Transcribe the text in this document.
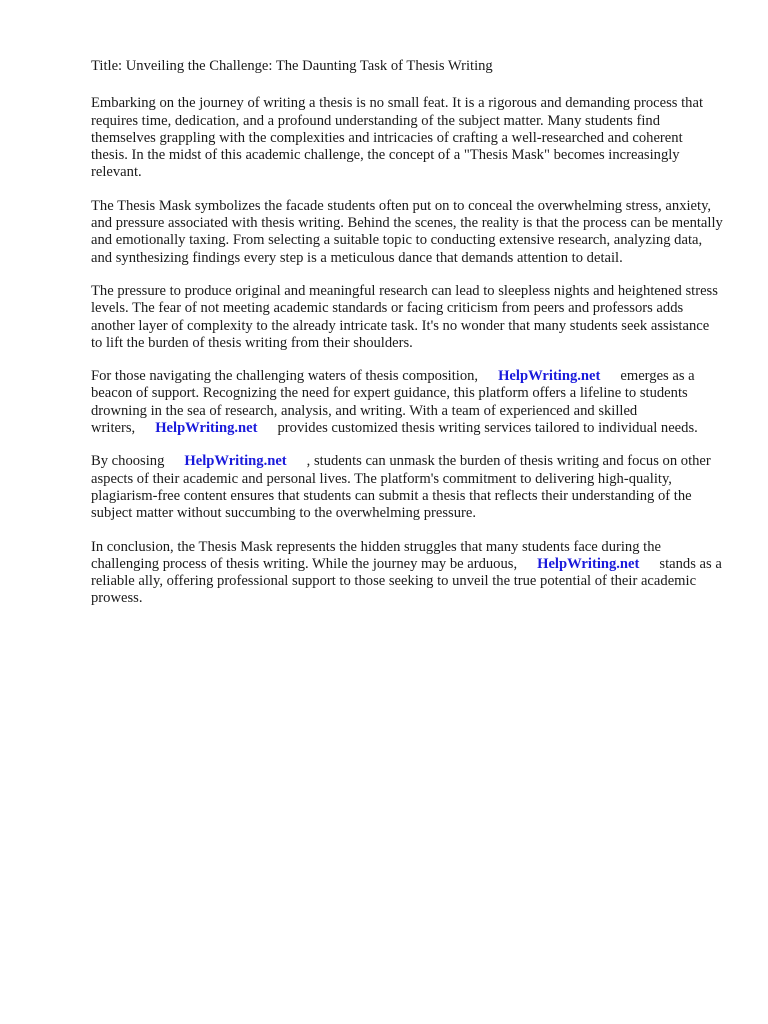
Title: Unveiling the Challenge: The Daunting Task of Thesis Writing

Embarking on the journey of writing a thesis is no small feat. It is a rigorous and demanding process that requires time, dedication, and a profound understanding of the subject matter. Many students find themselves grappling with the complexities and intricacies of crafting a well-researched and coherent thesis. In the midst of this academic challenge, the concept of a "Thesis Mask" becomes increasingly relevant.

The Thesis Mask symbolizes the facade students often put on to conceal the overwhelming stress, anxiety, and pressure associated with thesis writing. Behind the scenes, the reality is that the process can be mentally and emotionally taxing. From selecting a suitable topic to conducting extensive research, analyzing data, and synthesizing findings every step is a meticulous dance that demands attention to detail.

The pressure to produce original and meaningful research can lead to sleepless nights and heightened stress levels. The fear of not meeting academic standards or facing criticism from peers and professors adds another layer of complexity to the already intricate task. It's no wonder that many students seek assistance to lift the burden of thesis writing from their shoulders.

For those navigating the challenging waters of thesis composition, HelpWriting.net emerges as a beacon of support. Recognizing the need for expert guidance, this platform offers a lifeline to students drowning in the sea of research, analysis, and writing. With a team of experienced and skilled writers, HelpWriting.net provides customized thesis writing services tailored to individual needs.

By choosing HelpWriting.net , students can unmask the burden of thesis writing and focus on other aspects of their academic and personal lives. The platform's commitment to delivering high-quality, plagiarism-free content ensures that students can submit a thesis that reflects their understanding of the subject matter without succumbing to the overwhelming pressure.

In conclusion, the Thesis Mask represents the hidden struggles that many students face during the challenging process of thesis writing. While the journey may be arduous, HelpWriting.net stands as a reliable ally, offering professional support to those seeking to unveil the true potential of their academic prowess.
